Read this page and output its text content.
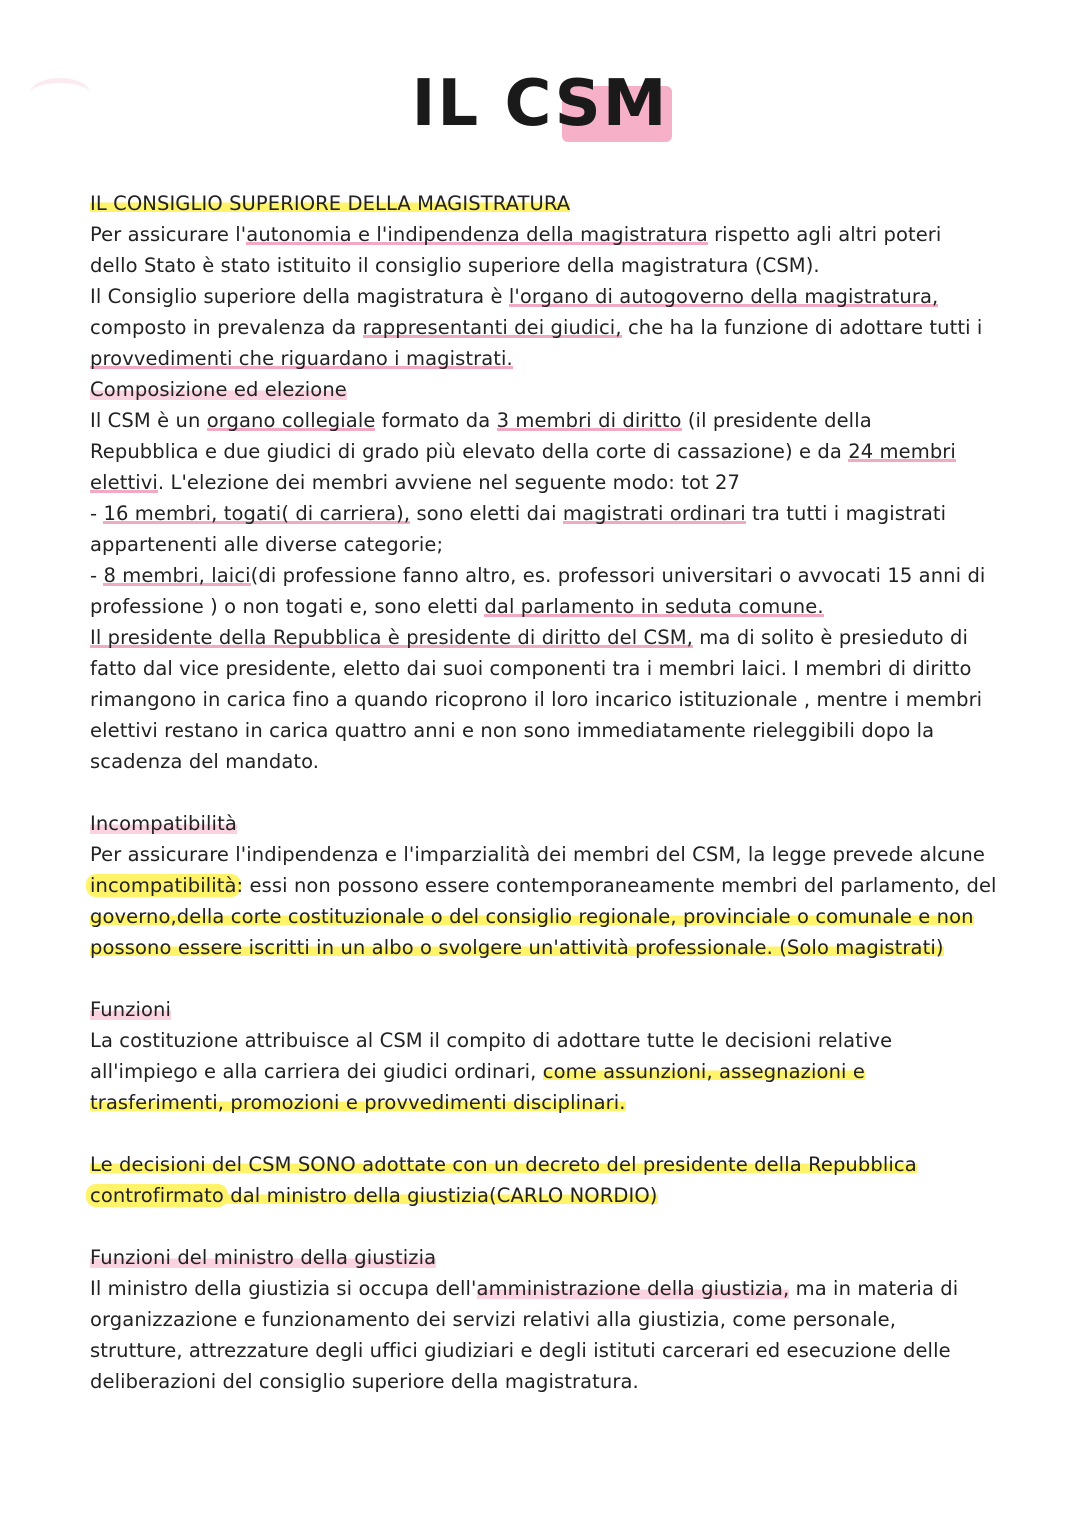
IL CSM
IL CONSIGLIO SUPERIORE DELLA MAGISTRATURA
Per assicurare l'autonomia e l'indipendenza della magistratura rispetto agli altri poteri
dello Stato è stato istituito il consiglio superiore della magistratura (CSM).
Il Consiglio superiore della magistratura è l'organo di autogoverno della magistratura,
composto in prevalenza da rappresentanti dei giudici, che ha la funzione di adottare tutti i
provvedimenti che riguardano i magistrati.
Composizione ed elezione
Il CSM è un organo collegiale formato da 3 membri di diritto (il presidente della
Repubblica e due giudici di grado più elevato della corte di cassazione) e da 24 membri
elettivi. L'elezione dei membri avviene nel seguente modo: tot 27
- 16 membri, togati( di carriera), sono eletti dai magistrati ordinari tra tutti i magistrati
appartenenti alle diverse categorie;
- 8 membri, laici(di professione fanno altro, es. professori universitari o avvocati 15 anni di
professione ) o non togati e, sono eletti dal parlamento in seduta comune.
Il presidente della Repubblica è presidente di diritto del CSM, ma di solito è presieduto di
fatto dal vice presidente, eletto dai suoi componenti tra i membri laici. I membri di diritto
rimangono in carica fino a quando ricoprono il loro incarico istituzionale , mentre i membri
elettivi restano in carica quattro anni e non sono immediatamente rieleggibili dopo la
scadenza del mandato.
Incompatibilità
Per assicurare l'indipendenza e l'imparzialità dei membri del CSM, la legge prevede alcune
incompatibilità: essi non possono essere contemporaneamente membri del parlamento, del
governo,della corte costituzionale o del consiglio regionale, provinciale o comunale e non
possono essere iscritti in un albo o svolgere un'attività professionale. (Solo magistrati)
Funzioni
La costituzione attribuisce al CSM il compito di adottare tutte le decisioni relative
all'impiego e alla carriera dei giudici ordinari, come assunzioni, assegnazioni e
trasferimenti, promozioni e provvedimenti disciplinari.
Le decisioni del CSM SONO adottate con un decreto del presidente della Repubblica
controfirmato dal ministro della giustizia(CARLO NORDIO)
Funzioni del ministro della giustizia
Il ministro della giustizia si occupa dell'amministrazione della giustizia, ma in materia di
organizzazione e funzionamento dei servizi relativi alla giustizia, come personale,
strutture, attrezzature degli uffici giudiziari e degli istituti carcerari ed esecuzione delle
deliberazioni del consiglio superiore della magistratura.
